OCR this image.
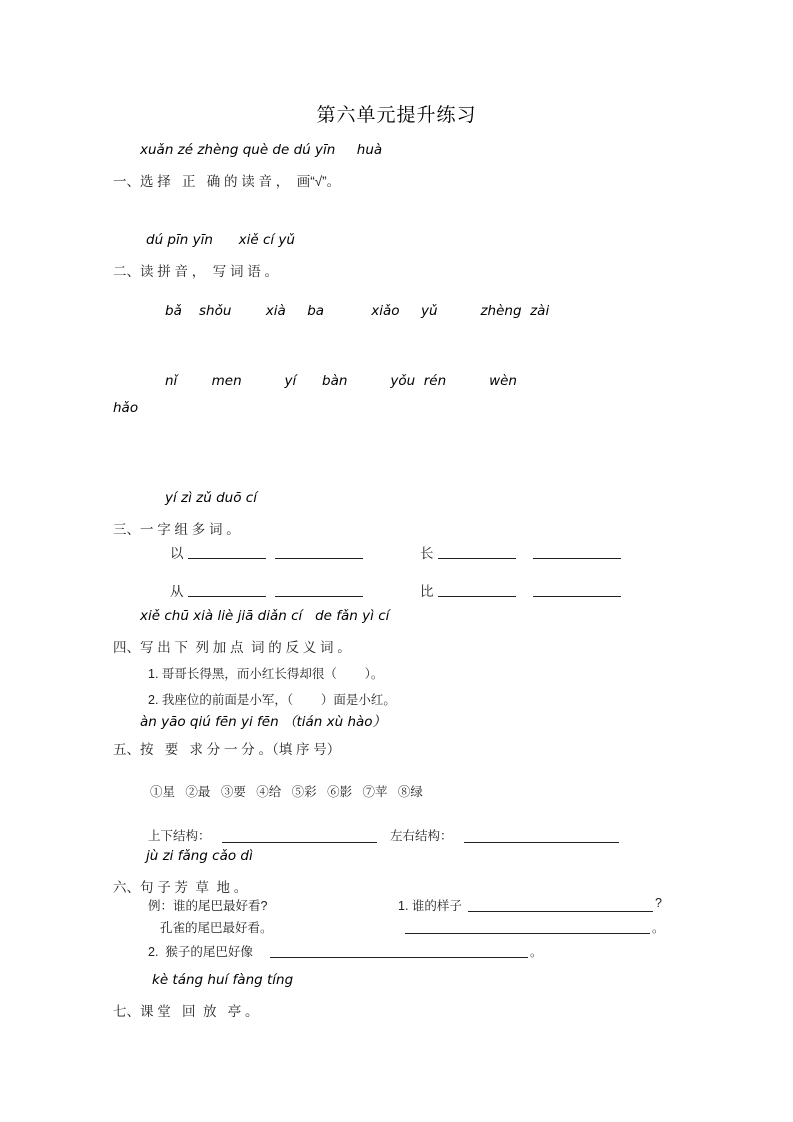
第六单元提升练习
xuǎn zé zhèng què de dú yīn     huà
一、选 择   正   确 的 读 音 ，  画“√”。
dú pīn yīn      xiě cí yǔ
二、读 拼 音 ，  写 词 语 。
bǎ    shǒu        xià     ba           xiǎo     yǔ          zhèng  zài
nǐ        men          yí      bàn          yǒu  rén          wèn
hǎo
yí zì zǔ duō cí
三、一 字 组 多 词 。
以	长
从	比
xiě chū xià liè jiā diǎn cí   de fǎn yì cí
四、写 出 下  列 加 点  词 的 反 义 词 。
1. 哥哥长得黑，而小红长得却很（        ）。
2. 我座位的前面是小军，（        ）面是小红。
àn yāo qiú fēn yi fēn （tián xù hào）
五、按   要   求 分 一 分 。（填 序 号）
①星   ②最   ③要   ④给   ⑤彩   ⑥影   ⑦苹   ⑧绿
上下结构：	左右结构：
jù zi fǎng cǎo dì
六、句 子 芳  草  地 。
例：谁的尾巴最好看?	1. 谁的样子	?
孔雀的尾巴最好看。	。
2.  猴子的尾巴好像	。
kè táng huí fàng tíng
七、课 堂   回  放   亭 。
